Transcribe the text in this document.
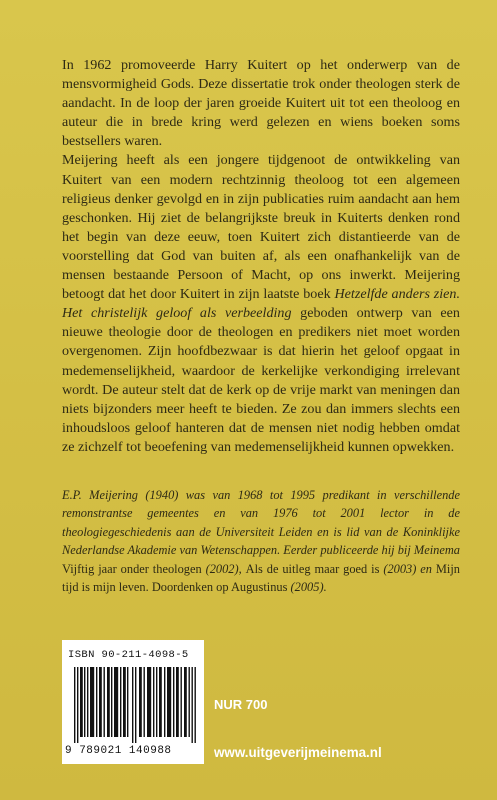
In 1962 promoveerde Harry Kuitert op het onderwerp van de mensvormigheid Gods. Deze dissertatie trok onder theologen sterk de aandacht. In de loop der jaren groeide Kuitert uit tot een theoloog en auteur die in brede kring werd gelezen en wiens boeken soms bestsellers waren.

Meijering heeft als een jongere tijdgenoot de ontwikkeling van Kuitert van een modern rechtzinnig theoloog tot een algemeen religieus denker gevolgd en in zijn publicaties ruim aandacht aan hem geschonken. Hij ziet de belangrijkste breuk in Kuiterts denken rond het begin van deze eeuw, toen Kuitert zich distantieerde van de voorstelling dat God van buiten af, als een onafhankelijk van de mensen bestaande Persoon of Macht, op ons inwerkt. Meijering betoogt dat het door Kuitert in zijn laatste boek Hetzelfde anders zien. Het christelijk geloof als verbeelding geboden ontwerp van een nieuwe theologie door de theologen en predikers niet moet worden overgenomen. Zijn hoofdbezwaar is dat hierin het geloof opgaat in medemenselijkheid, waardoor de kerkelijke verkondiging irrelevant wordt. De auteur stelt dat de kerk op de vrije markt van meningen dan niets bijzonders meer heeft te bieden. Ze zou dan immers slechts een inhoudsloos geloof hanteren dat de mensen niet nodig hebben omdat ze zichzelf tot beoefening van medemenselijkheid kunnen opwekken.

E.P. Meijering (1940) was van 1968 tot 1995 predikant in verschillende remonstrantse gemeentes en van 1976 tot 2001 lector in de theologiegeschiedenis aan de Universiteit Leiden en is lid van de Koninklijke Nederlandse Akademie van Wetenschappen. Eerder publiceerde hij bij Meinema Vijftig jaar onder theologen (2002), Als de uitleg maar goed is (2003) en Mijn tijd is mijn leven. Doordenken op Augustinus (2005).
ISBN 90-211-4098-5
9 789021 140988
NUR 700
www.uitgeverijmeinema.nl
